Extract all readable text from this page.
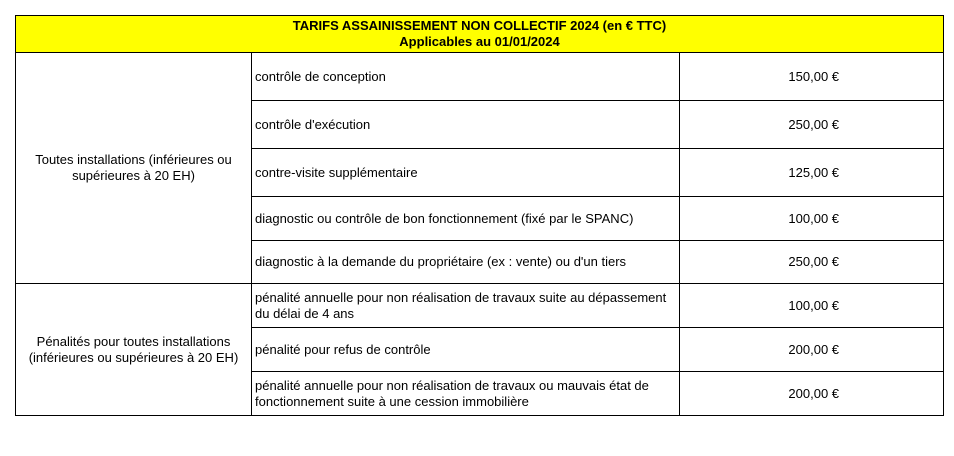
TARIFS ASSAINISSEMENT NON COLLECTIF 2024 (en € TTC)
Applicables au 01/01/2024		

Toutes installations (inférieures ou supérieures à 20 EH)	contrôle de conception	150,00 €
	contrôle d'exécution	250,00 €
	contre-visite supplémentaire	125,00 €
	diagnostic ou contrôle de bon fonctionnement (fixé par le SPANC)	100,00 €
	diagnostic à la demande du propriétaire (ex : vente) ou d'un tiers	250,00 €
Pénalités pour toutes installations (inférieures ou supérieures à 20 EH)	pénalité annuelle pour non réalisation de travaux suite au dépassement du délai de 4 ans	100,00 €
	pénalité pour refus de contrôle	200,00 €
	pénalité annuelle pour non réalisation de travaux ou mauvais état de fonctionnement suite à une cession immobilière	200,00 €
